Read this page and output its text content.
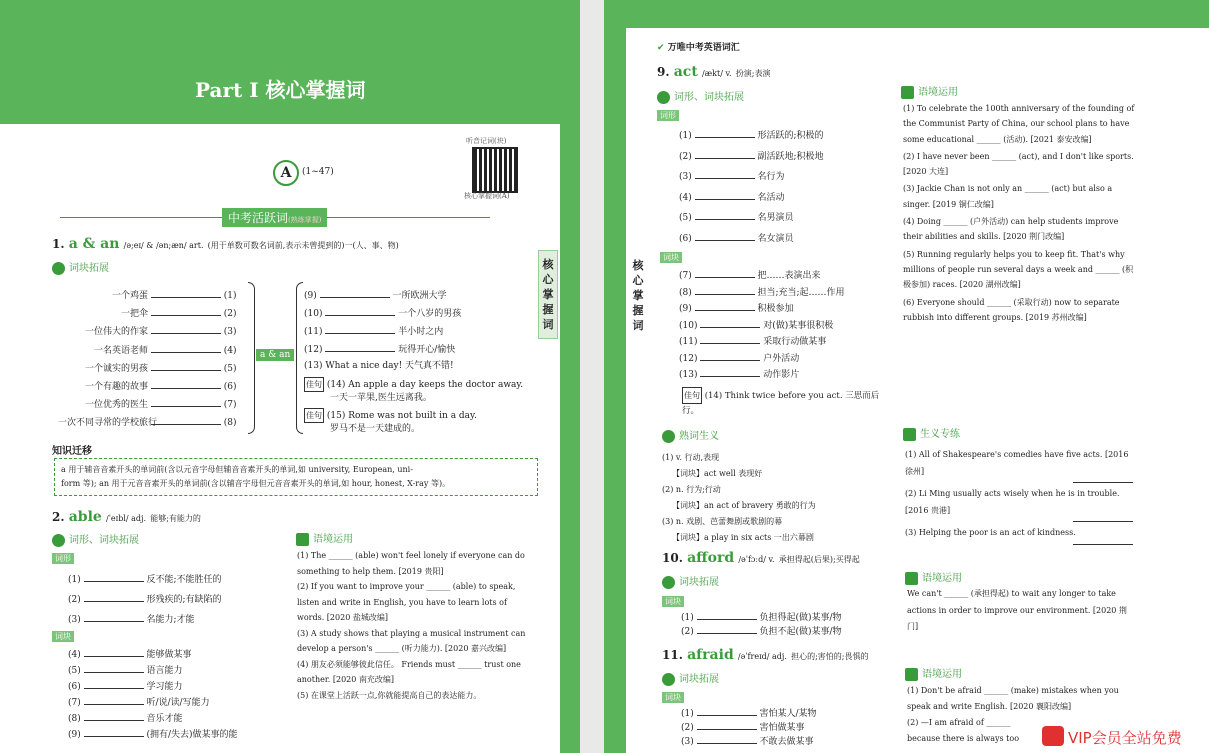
Part Ⅰ 核心掌握词
A	(1~47)
听音记词(块)
核心掌握词(A)
中考活跃词(熟练掌握)
核心掌握词
1. a & an /ə;eɪ/ & /ən;æn/ art. (用于单数可数名词前,表示未曾提到的)一(人、事、物)
词块拓展
一个鸡蛋	(1)
一把伞	(2)
一位伟大的作家	(3)
一名英语老师	(4)
一个诚实的男孩	(5)
一个有趣的故事	(6)
一位优秀的医生	(7)
一次不同寻常的学校旅行	(8)
a & an
(9)	一所欧洲大学
(10)	一个八岁的男孩
(11)	半小时之内
(12)	玩得开心/愉快
(13) What a nice day! 天气真不错!
佳句 (14) An apple a day keeps the doctor away.
一天一苹果,医生远离我。
佳句 (15) Rome was not built in a day.
罗马不是一天建成的。
知识迁移
a 用于辅音音素开头的单词前(含以元音字母但辅音音素开头的单词,如 university, European, uni-
form 等); an 用于元音音素开头的单词前(含以辅音字母但元音音素开头的单词,如 hour, honest, X-ray 等)。
2. able /ˈeɪbl/ adj. 能够;有能力的
词形、词块拓展
词形
(1)	反不能;不能胜任的
(2)	形残疾的;有缺陷的
(3)	名能力;才能
词块
(4)	能够做某事
(5)	语言能力
(6)	学习能力
(7)	听/说/读/写能力
(8)	音乐才能
(9)	(拥有/失去)做某事的能
语境运用
(1) The ______ (able) won't feel lonely if everyone can do something to help them. [2019 贵阳]
(2) If you want to improve your ______ (able) to speak, listen and write in English, you have to learn lots of words. [2020 盐城改编]
(3) A study shows that playing a musical instrument can develop a person's ______ (听力能力). [2020 嘉兴改编]
(4) 朋友必须能够彼此信任。 Friends must ______ trust one another. [2020 南充改编]
(5) 在课堂上活跃一点,你就能提高自己的表达能力。
✔ 万唯中考英语词汇
核心掌握词
9. act /ækt/ v. 扮演;表演
词形、词块拓展
词形
(1)	形活跃的;积极的
(2)	副活跃地;积极地
(3)	名行为
(4)	名活动
(5)	名男演员
(6)	名女演员
词块
(7)	把……表演出来
(8)	担当;充当;起……作用
(9)	积极参加
(10)	对(做)某事很积极
(11)	采取行动做某事
(12)	户外活动
(13)	动作影片
佳句 (14) Think twice before you act. 三思而后行。
语境运用
(1) To celebrate the 100th anniversary of the founding of the Communist Party of China, our school plans to have some educational ______ (活动). [2021 泰安改编]
(2) I have never been ______ (act), and I don't like sports. [2020 大连]
(3) Jackie Chan is not only an ______ (act) but also a singer. [2019 铜仁改编]
(4) Doing ______ (户外活动) can help students improve their abilities and skills. [2020 荆门改编]
(5) Running regularly helps you to keep fit. That's why millions of people run several days a week and ______ (积极参加) races. [2020 湖州改编]
(6) Everyone should ______ (采取行动) now to separate rubbish into different groups. [2019 苏州改编]
熟词生义
(1) v. 行动,表现
【词块】act well 表现好
(2) n. 行为;行动
【词块】an act of bravery 勇敢的行为
(3) n. 戏剧、芭蕾舞剧或歌剧的幕
【词块】a play in six acts 一出六幕剧
生义专练
(1) All of Shakespeare's comedies have five acts. [2016 徐州]
(2) Li Ming usually acts wisely when he is in trouble. [2016 贵港]
(3) Helping the poor is an act of kindness.
10. afford /əˈfɔːd/ v. 承担得起(后果);买得起
词块拓展
词块
(1)	负担得起(做)某事/物
(2)	负担不起(做)某事/物
语境运用
We can't ______ (承担得起) to wait any longer to take actions in order to improve our environment. [2020 荆门]
11. afraid /əˈfreɪd/ adj. 担心的;害怕的;畏惧的
词块拓展
词块
(1)	害怕某人/某物
(2)	害怕做某事
(3)	不敢去做某事
语境运用
(1) Don't be afraid ______ (make) mistakes when you speak and write English. [2020 襄阳改编]
(2) —I am afraid of ______
because there is always too	VIP会员全站免费
